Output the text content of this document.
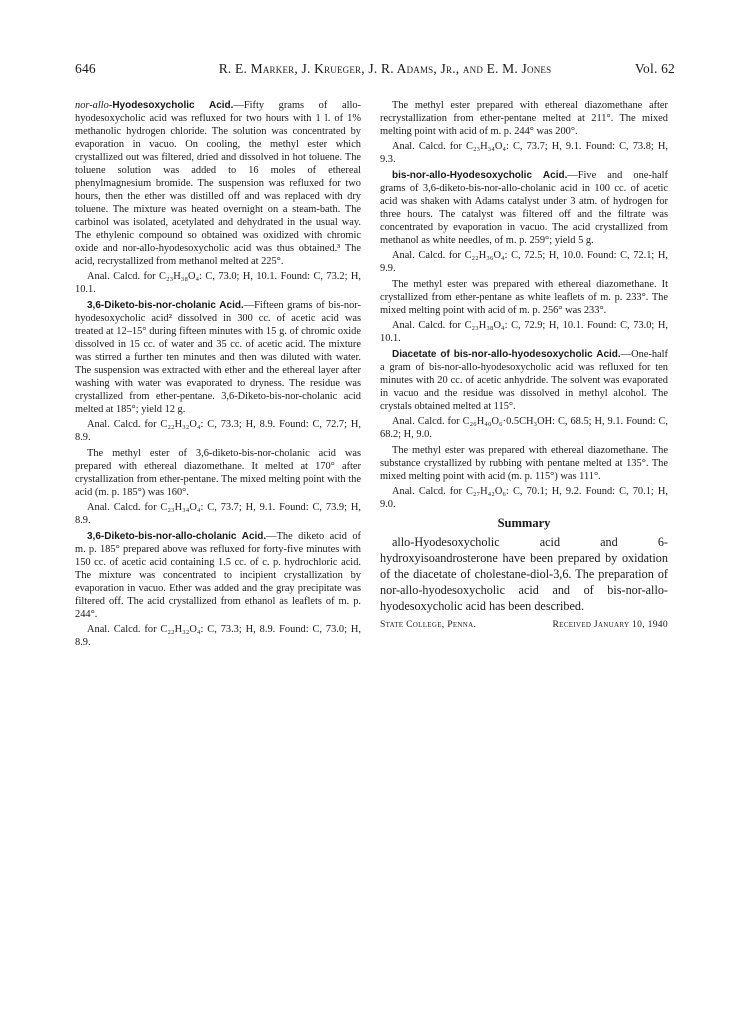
646	R. E. Marker, J. Krueger, J. R. Adams, Jr., and E. M. Jones	Vol. 62

nor-allo-Hyodesoxycholic Acid.—Fifty grams of allo-hyodesoxycholic acid was refluxed for two hours with 1 l. of 1% methanolic hydrogen chloride. The solution was concentrated by evaporation in vacuo. On cooling, the methyl ester which crystallized out was filtered, dried and dissolved in hot toluene. The toluene solution was added to 16 moles of ethereal phenylmagnesium bromide. The suspension was refluxed for two hours, then the ether was distilled off and was replaced with dry toluene. The mixture was heated overnight on a steam-bath. The carbinol was isolated, acetylated and dehydrated in the usual way. The ethylenic compound so obtained was oxidized with chromic oxide and nor-allo-hyodesoxycholic acid was thus obtained.³ The acid, recrystallized from methanol melted at 225°.

Anal. Calcd. for C₂₃H₃₈O₄: C, 73.0; H, 10.1. Found: C, 73.2; H, 10.1.

3,6-Diketo-bis-nor-cholanic Acid.—Fifteen grams of bis-nor-hyodesoxycholic acid² dissolved in 300 cc. of acetic acid was treated at 12–15° during fifteen minutes with 15 g. of chromic oxide dissolved in 15 cc. of water and 35 cc. of acetic acid. The mixture was stirred a further ten minutes and then was diluted with water. The suspension was extracted with ether and the ethereal layer after washing with water was evaporated to dryness. The residue was crystallized from ether-pentane. 3,6-Diketo-bis-nor-cholanic acid melted at 185°; yield 12 g.

Anal. Calcd. for C₂₂H₃₂O₄: C, 73.3; H, 8.9. Found: C, 72.7; H, 8.9.

The methyl ester of 3,6-diketo-bis-nor-cholanic acid was prepared with ethereal diazomethane. It melted at 170° after crystallization from ether-pentane. The mixed melting point with the acid (m. p. 185°) was 160°.

Anal. Calcd. for C₂₃H₃₄O₄: C, 73.7; H, 9.1. Found: C, 73.9; H, 8.9.

3,6-Diketo-bis-nor-allo-cholanic Acid.—The diketo acid of m. p. 185° prepared above was refluxed for forty-five minutes with 150 cc. of acetic acid containing 1.5 cc. of c. p. hydrochloric acid. The mixture was concentrated to incipient crystallization by evaporation in vacuo. Ether was added and the gray precipitate was filtered off. The acid crystallized from ethanol as leaflets of m. p. 244°.

Anal. Calcd. for C₂₂H₃₂O₄: C, 73.3; H, 8.9. Found: C, 73.0; H, 8.9.

The methyl ester prepared with ethereal diazomethane after recrystallization from ether-pentane melted at 211°. The mixed melting point with acid of m. p. 244° was 200°.

Anal. Calcd. for C₂₃H₃₄O₄: C, 73.7; H, 9.1. Found: C, 73.8; H, 9.3.

bis-nor-allo-Hyodesoxycholic Acid.—Five and one-half grams of 3,6-diketo-bis-nor-allo-cholanic acid in 100 cc. of acetic acid was shaken with Adams catalyst under 3 atm. of hydrogen for three hours. The catalyst was filtered off and the filtrate was concentrated by evaporation in vacuo. The acid crystallized from methanol as white needles, of m. p. 259°; yield 5 g.

Anal. Calcd. for C₂₂H₃₆O₄: C, 72.5; H, 10.0. Found: C, 72.1; H, 9.9.

The methyl ester was prepared with ethereal diazomethane. It crystallized from ether-pentane as white leaflets of m. p. 233°. The mixed melting point with acid of m. p. 256° was 233°.

Anal. Calcd. for C₂₃H₃₈O₄: C, 72.9; H, 10.1. Found: C, 73.0; H, 10.1.

Diacetate of bis-nor-allo-hyodesoxycholic Acid.—One-half a gram of bis-nor-allo-hyodesoxycholic acid was refluxed for ten minutes with 20 cc. of acetic anhydride. The solvent was evaporated in vacuo and the residue was dissolved in methyl alcohol. The crystals obtained melted at 115°.

Anal. Calcd. for C₂₆H₄₀O₆·0.5CH₃OH: C, 68.5; H, 9.1. Found: C, 68.2; H, 9.0.

The methyl ester was prepared with ethereal diazomethane. The substance crystallized by rubbing with pentane melted at 135°. The mixed melting point with acid (m. p. 115°) was 111°.

Anal. Calcd. for C₂₇H₄₂O₆: C, 70.1; H, 9.2. Found: C, 70.1; H, 9.0.

Summary

allo-Hyodesoxycholic acid and 6-hydroxyisoandrosterone have been prepared by oxidation of the diacetate of cholestane-diol-3,6. The preparation of nor-allo-hyodesoxycholic acid and of bis-nor-allo-hyodesoxycholic acid has been described.

State College, Penna.	Received January 10, 1940
